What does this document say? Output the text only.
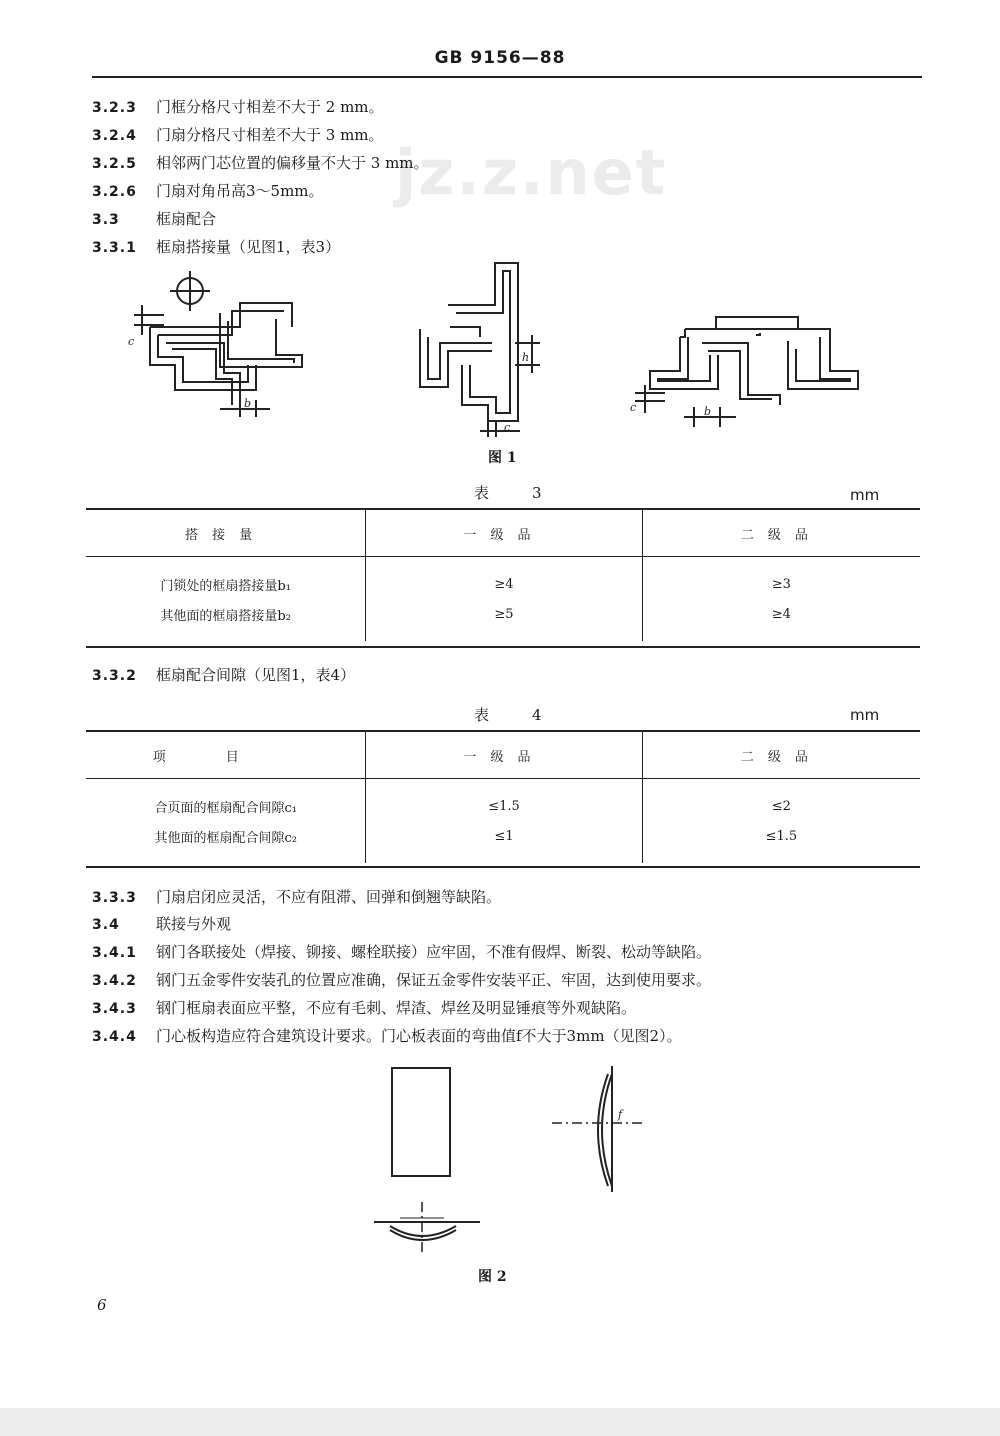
jz.z.net
GB 9156—88
3.2.3 门框分格尺寸相差不大于 2 mm。
3.2.4 门扇分格尺寸相差不大于 3 mm。
3.2.5 相邻两门芯位置的偏移量不大于 3 mm。
3.2.6 门扇对角吊高3～5mm。
3.3 框扇配合
3.3.1 框扇搭接量（见图1，表3）
c
b
h
c
c	b
图 1
表　3	mm
搭接量	一级品	二级品
门锁处的框扇搭接量b₁	≥4	≥3
其他面的框扇搭接量b₂	≥5	≥4
3.3.2 框扇配合间隙（见图1，表4）
表　4	mm
项目	一级品	二级品
合页面的框扇配合间隙c₁	≤1.5	≤2
其他面的框扇配合间隙c₂	≤1	≤1.5
3.3.3 门扇启闭应灵活，不应有阻滞、回弹和倒翘等缺陷。
3.4 联接与外观
3.4.1 钢门各联接处（焊接、铆接、螺栓联接）应牢固，不准有假焊、断裂、松动等缺陷。
3.4.2 钢门五金零件安装孔的位置应准确，保证五金零件安装平正、牢固，达到使用要求。
3.4.3 钢门框扇表面应平整，不应有毛刺、焊渣、焊丝及明显锤痕等外观缺陷。
3.4.4 门心板构造应符合建筑设计要求。门心板表面的弯曲值f不大于3mm（见图2）。
f
图 2
6
